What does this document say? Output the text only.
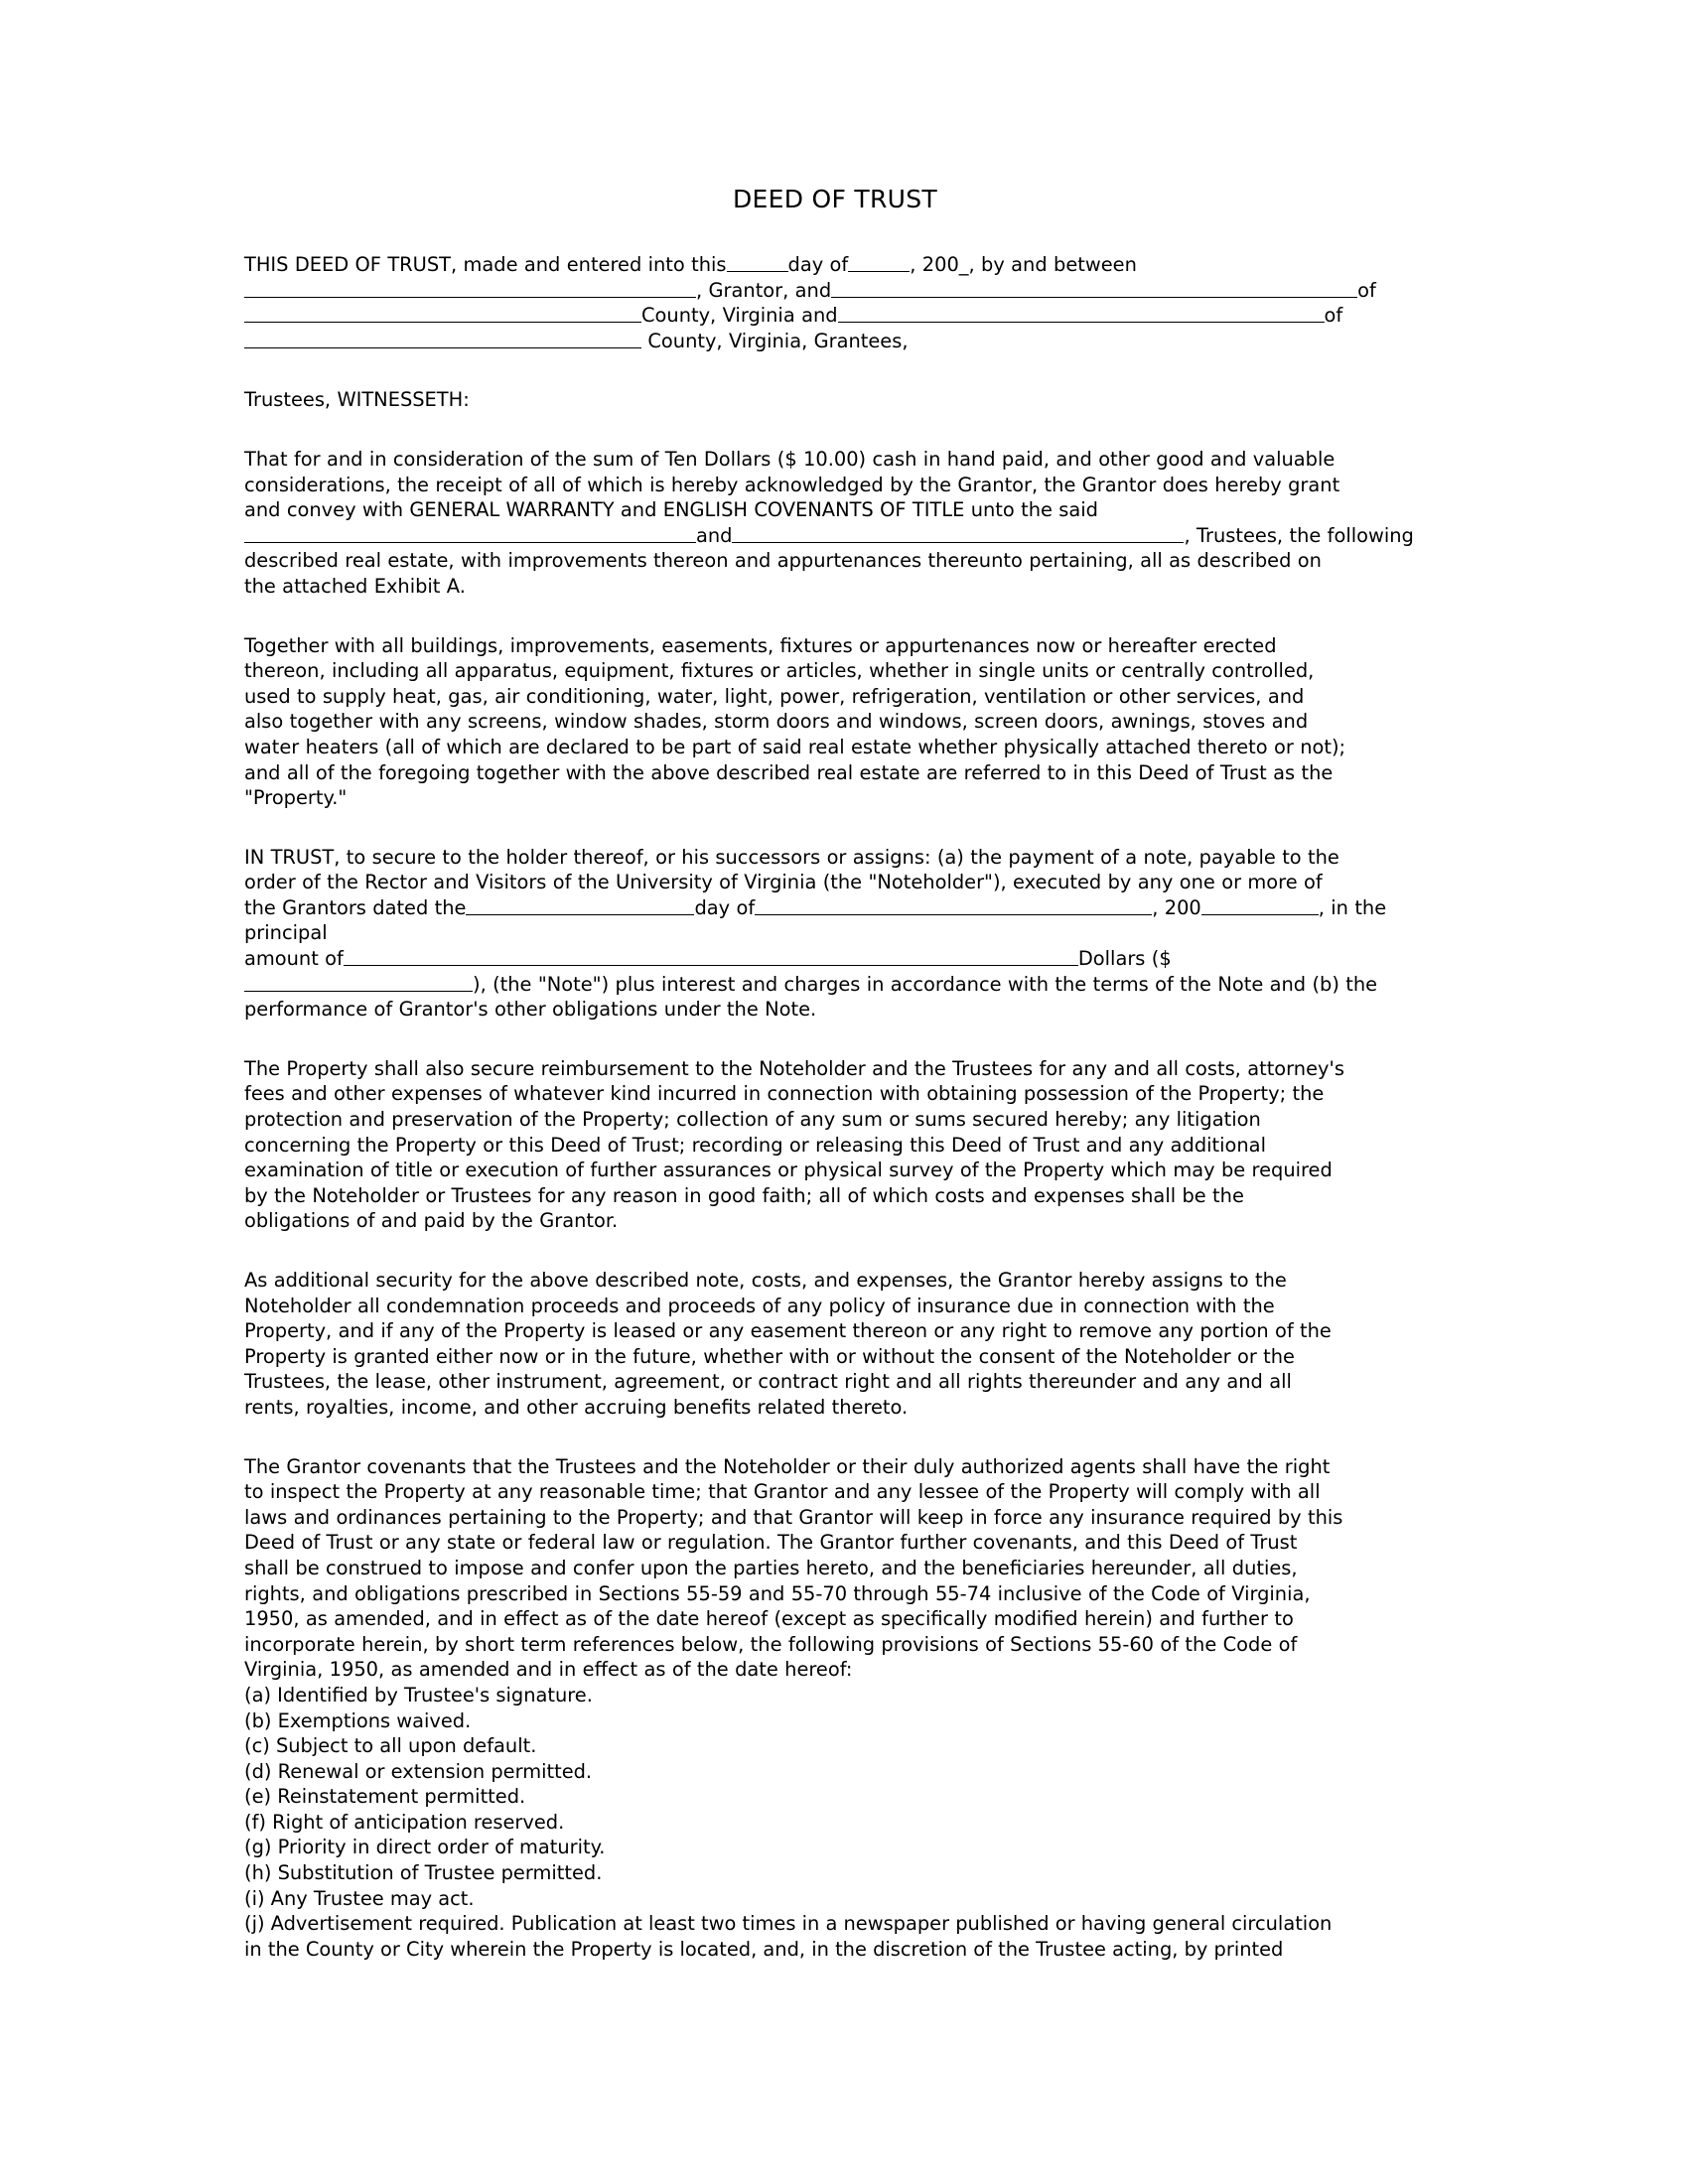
DEED OF TRUST
THIS DEED OF TRUST, made and entered into this	day of	, 200_, by and between
, Grantor, and	of
County, Virginia and	of
County, Virginia, Grantees,
Trustees, WITNESSETH:
That for and in consideration of the sum of Ten Dollars ($ 10.00) cash in hand paid, and other good and valuable
considerations, the receipt of all of which is hereby acknowledged by the Grantor, the Grantor does hereby grant
and convey with GENERAL WARRANTY and ENGLISH COVENANTS OF TITLE unto the said
and	, Trustees, the following
described real estate, with improvements thereon and appurtenances thereunto pertaining, all as described on
the attached Exhibit A.
Together with all buildings, improvements, easements, fixtures or appurtenances now or hereafter erected
thereon, including all apparatus, equipment, fixtures or articles, whether in single units or centrally controlled,
used to supply heat, gas, air conditioning, water, light, power, refrigeration, ventilation or other services, and
also together with any screens, window shades, storm doors and windows, screen doors, awnings, stoves and
water heaters (all of which are declared to be part of said real estate whether physically attached thereto or not);
and all of the foregoing together with the above described real estate are referred to in this Deed of Trust as the
"Property."
IN TRUST, to secure to the holder thereof, or his successors or assigns: (a) the payment of a note, payable to the
order of the Rector and Visitors of the University of Virginia (the "Noteholder"), executed by any one or more of
the Grantors dated the	day of	, 200	, in the principal
amount of	Dollars ($
), (the "Note") plus interest and charges in accordance with the terms of the Note and (b) the
performance of Grantor's other obligations under the Note.
The Property shall also secure reimbursement to the Noteholder and the Trustees for any and all costs, attorney's
fees and other expenses of whatever kind incurred in connection with obtaining possession of the Property; the
protection and preservation of the Property; collection of any sum or sums secured hereby; any litigation
concerning the Property or this Deed of Trust; recording or releasing this Deed of Trust and any additional
examination of title or execution of further assurances or physical survey of the Property which may be required
by the Noteholder or Trustees for any reason in good faith; all of which costs and expenses shall be the
obligations of and paid by the Grantor.
As additional security for the above described note, costs, and expenses, the Grantor hereby assigns to the
Noteholder all condemnation proceeds and proceeds of any policy of insurance due in connection with the
Property, and if any of the Property is leased or any easement thereon or any right to remove any portion of the
Property is granted either now or in the future, whether with or without the consent of the Noteholder or the
Trustees, the lease, other instrument, agreement, or contract right and all rights thereunder and any and all
rents, royalties, income, and other accruing benefits related thereto.
The Grantor covenants that the Trustees and the Noteholder or their duly authorized agents shall have the right
to inspect the Property at any reasonable time; that Grantor and any lessee of the Property will comply with all
laws and ordinances pertaining to the Property; and that Grantor will keep in force any insurance required by this
Deed of Trust or any state or federal law or regulation. The Grantor further covenants, and this Deed of Trust
shall be construed to impose and confer upon the parties hereto, and the beneficiaries hereunder, all duties,
rights, and obligations prescribed in Sections 55-59 and 55-70 through 55-74 inclusive of the Code of Virginia,
1950, as amended, and in effect as of the date hereof (except as specifically modified herein) and further to
incorporate herein, by short term references below, the following provisions of Sections 55-60 of the Code of
Virginia, 1950, as amended and in effect as of the date hereof:
(a) Identified by Trustee's signature.
(b) Exemptions waived.
(c) Subject to all upon default.
(d) Renewal or extension permitted.
(e) Reinstatement permitted.
(f) Right of anticipation reserved.
(g) Priority in direct order of maturity.
(h) Substitution of Trustee permitted.
(i) Any Trustee may act.
(j) Advertisement required. Publication at least two times in a newspaper published or having general circulation
in the County or City wherein the Property is located, and, in the discretion of the Trustee acting, by printed
